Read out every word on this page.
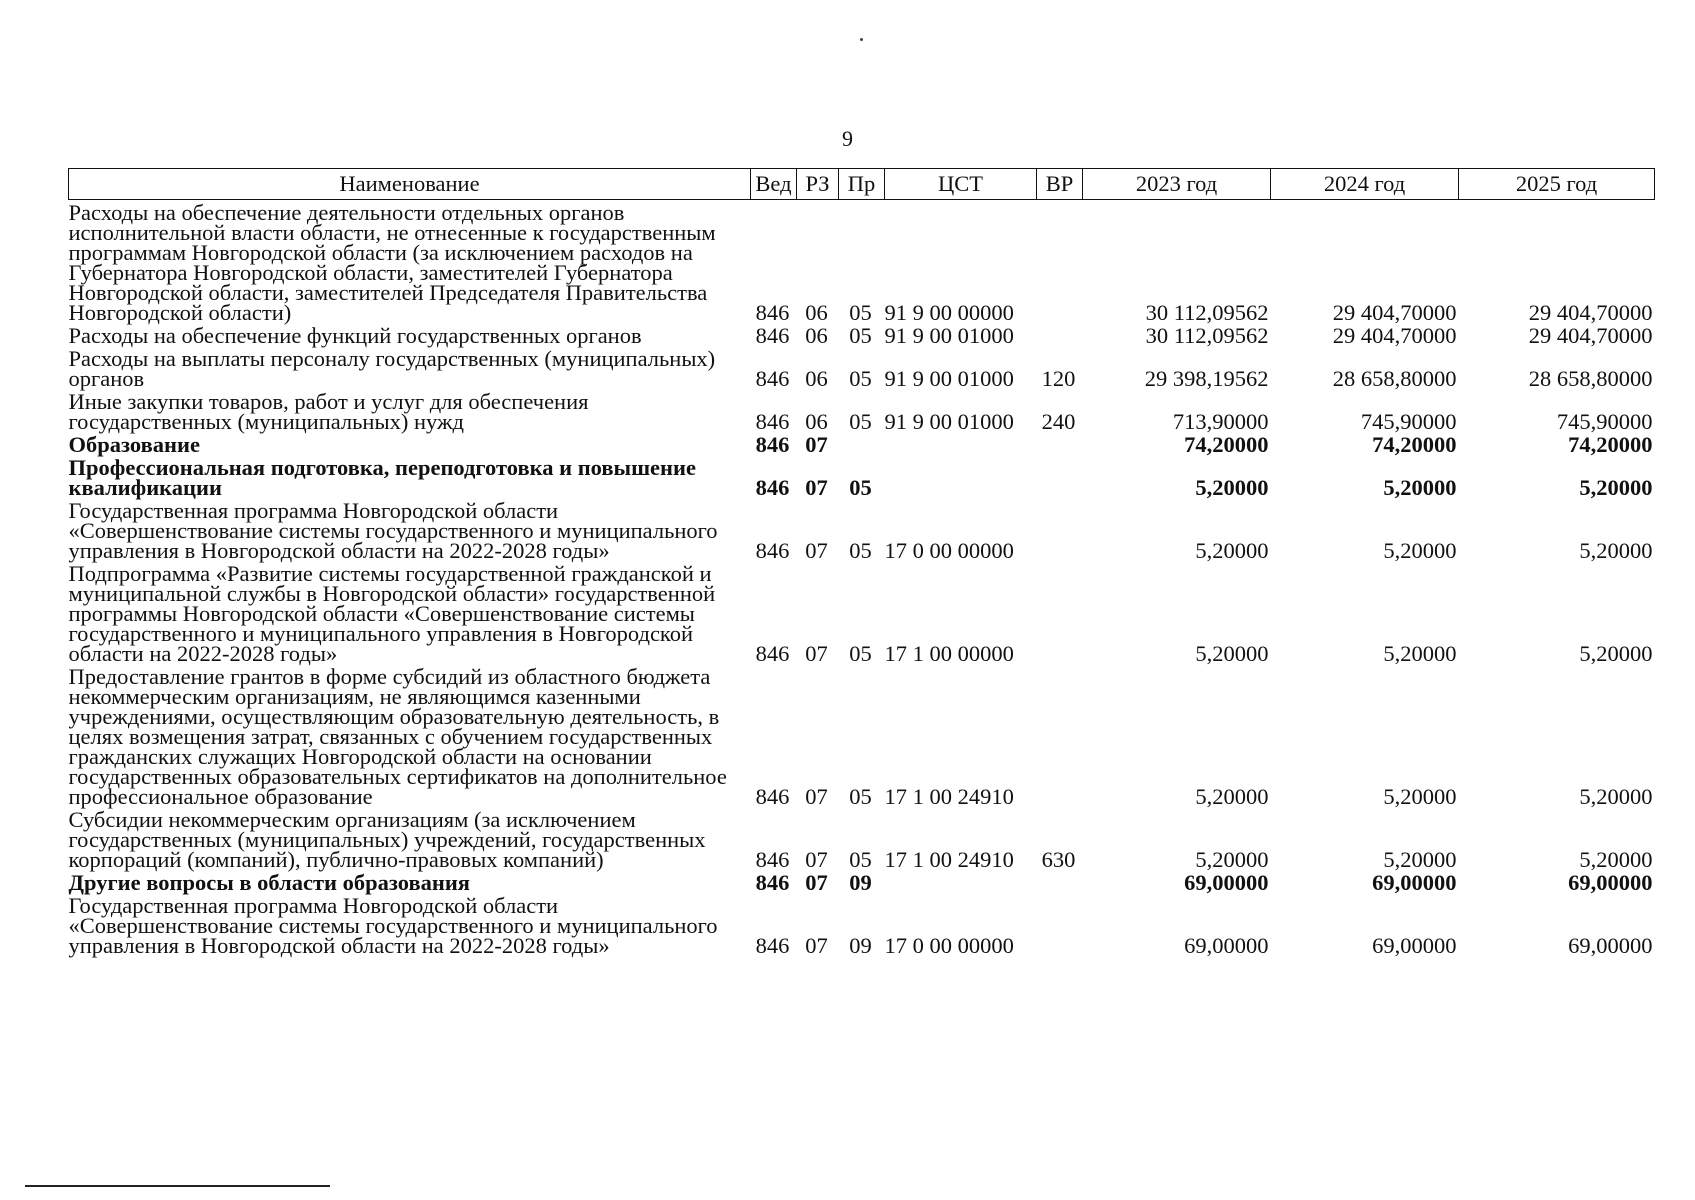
9
Наименование	Вед	РЗ	Пр	ЦСТ	ВР	2023 год	2024 год	2025 год
Расходы на обеспечение деятельности отдельных органов исполнительной власти области, не отнесенные к государственным программам Новгородской области (за исключением расходов на Губернатора Новгородской области, заместителей Губернатора Новгородской области, заместителей Председателя Правительства Новгородской области)	846	06	05	91 9 00 00000		30 112,09562	29 404,70000	29 404,70000
Расходы на обеспечение функций государственных органов	846	06	05	91 9 00 01000		30 112,09562	29 404,70000	29 404,70000
Расходы на выплаты персоналу государственных (муниципальных) органов	846	06	05	91 9 00 01000	120	29 398,19562	28 658,80000	28 658,80000
Иные закупки товаров, работ и услуг для обеспечения государственных (муниципальных) нужд	846	06	05	91 9 00 01000	240	713,90000	745,90000	745,90000
Образование	846	07				74,20000	74,20000	74,20000
Профессиональная подготовка, переподготовка и повышение квалификации	846	07	05			5,20000	5,20000	5,20000
Государственная программа Новгородской области «Совершенствование системы государственного и муниципального управления в Новгородской области на 2022-2028 годы»	846	07	05	17 0 00 00000		5,20000	5,20000	5,20000
Подпрограмма «Развитие системы государственной гражданской и муниципальной службы в Новгородской области» государственной программы Новгородской области «Совершенствование системы государственного и муниципального управления в Новгородской области на 2022-2028 годы»	846	07	05	17 1 00 00000		5,20000	5,20000	5,20000
Предоставление грантов в форме субсидий из областного бюджета некоммерческим организациям, не являющимся казенными учреждениями, осуществляющим образовательную деятельность, в целях возмещения затрат, связанных с обучением государственных гражданских служащих Новгородской области на основании государственных образовательных сертификатов на дополнительное профессиональное образование	846	07	05	17 1 00 24910		5,20000	5,20000	5,20000
Субсидии некоммерческим организациям (за исключением государственных (муниципальных) учреждений, государственных корпораций (компаний), публично-правовых компаний)	846	07	05	17 1 00 24910	630	5,20000	5,20000	5,20000
Другие вопросы в области образования	846	07	09			69,00000	69,00000	69,00000
Государственная программа Новгородской области «Совершенствование системы государственного и муниципального управления в Новгородской области на 2022-2028 годы»	846	07	09	17 0 00 00000		69,00000	69,00000	69,00000
